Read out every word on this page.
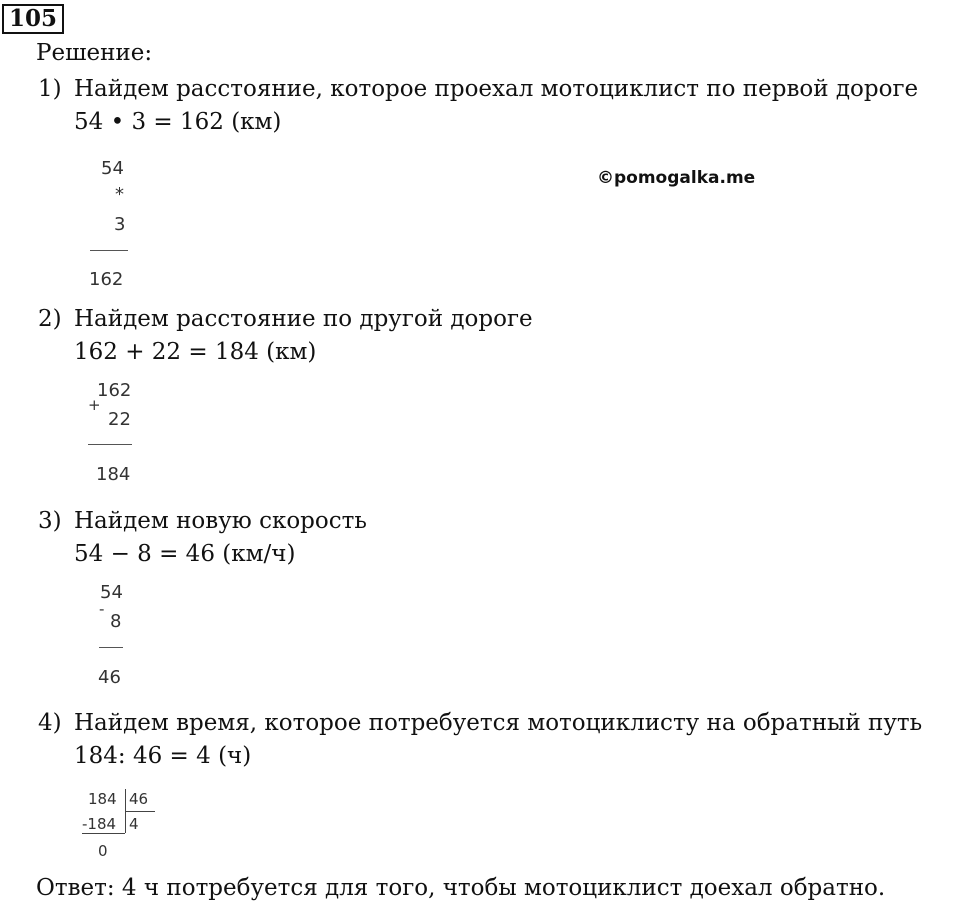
105
Решение:
©pomogalka.me
1) Найдем расстояние, которое проехал мотоциклист по первой дороге
54 • 3 = 162 (км)
54
*
3
162
2) Найдем расстояние по другой дороге
162 + 22 = 184 (км)
162
+
22
184
3) Найдем новую скорость
54 − 8 = 46 (км/ч)
54
-
8
46
4) Найдем время, которое потребуется мотоциклисту на обратный путь
184: 46 = 4 (ч)
184 46
-184 4
0
Ответ: 4 ч потребуется для того, чтобы мотоциклист доехал обратно.
